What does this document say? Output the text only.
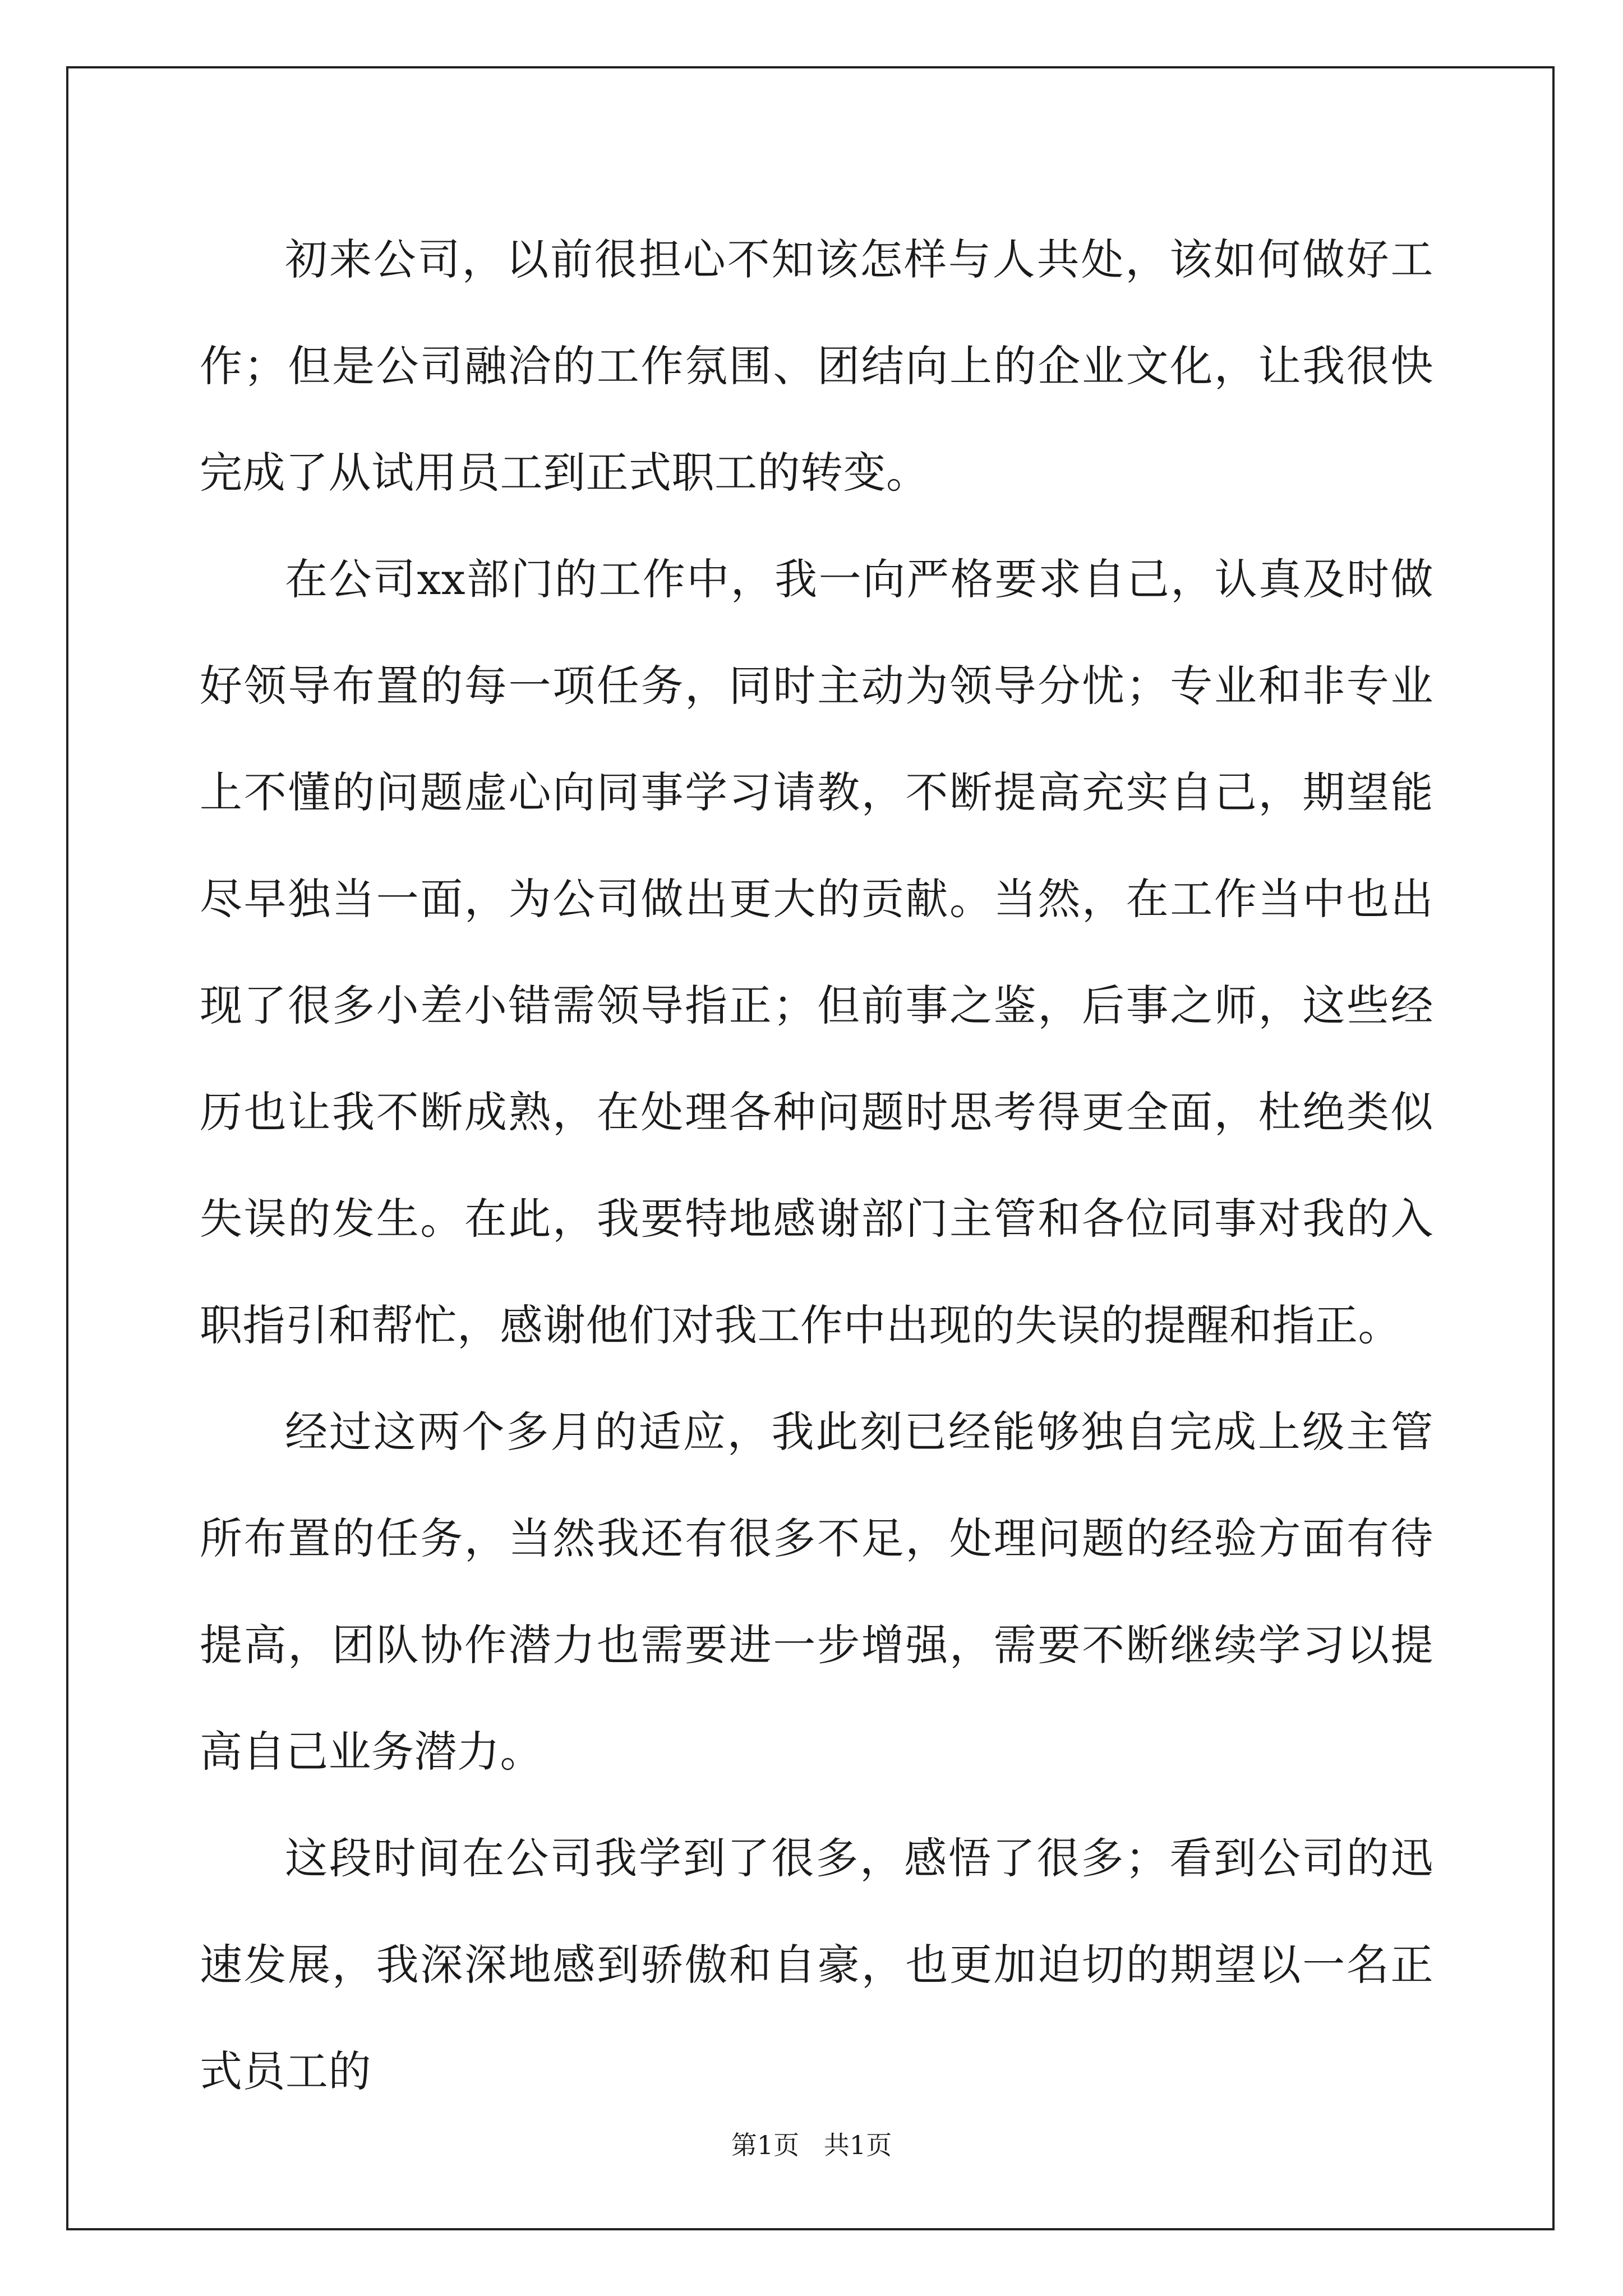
初来公司，以前很担心不知该怎样与人共处，该如何做好工作；但是公司融洽的工作氛围、团结向上的企业文化，让我很快完成了从试用员工到正式职工的转变。

在公司xx部门的工作中，我一向严格要求自己，认真及时做好领导布置的每一项任务，同时主动为领导分忧；专业和非专业上不懂的问题虚心向同事学习请教，不断提高充实自己，期望能尽早独当一面，为公司做出更大的贡献。当然，在工作当中也出现了很多小差小错需领导指正；但前事之鉴，后事之师，这些经历也让我不断成熟，在处理各种问题时思考得更全面，杜绝类似失误的发生。在此，我要特地感谢部门主管和各位同事对我的入职指引和帮忙，感谢他们对我工作中出现的失误的提醒和指正。

经过这两个多月的适应，我此刻已经能够独自完成上级主管所布置的任务，当然我还有很多不足，处理问题的经验方面有待提高，团队协作潜力也需要进一步增强，需要不断继续学习以提高自己业务潜力。

这段时间在公司我学到了很多，感悟了很多；看到公司的迅速发展，我深深地感到骄傲和自豪，也更加迫切的期望以一名正式员工的

第1页   共1页
